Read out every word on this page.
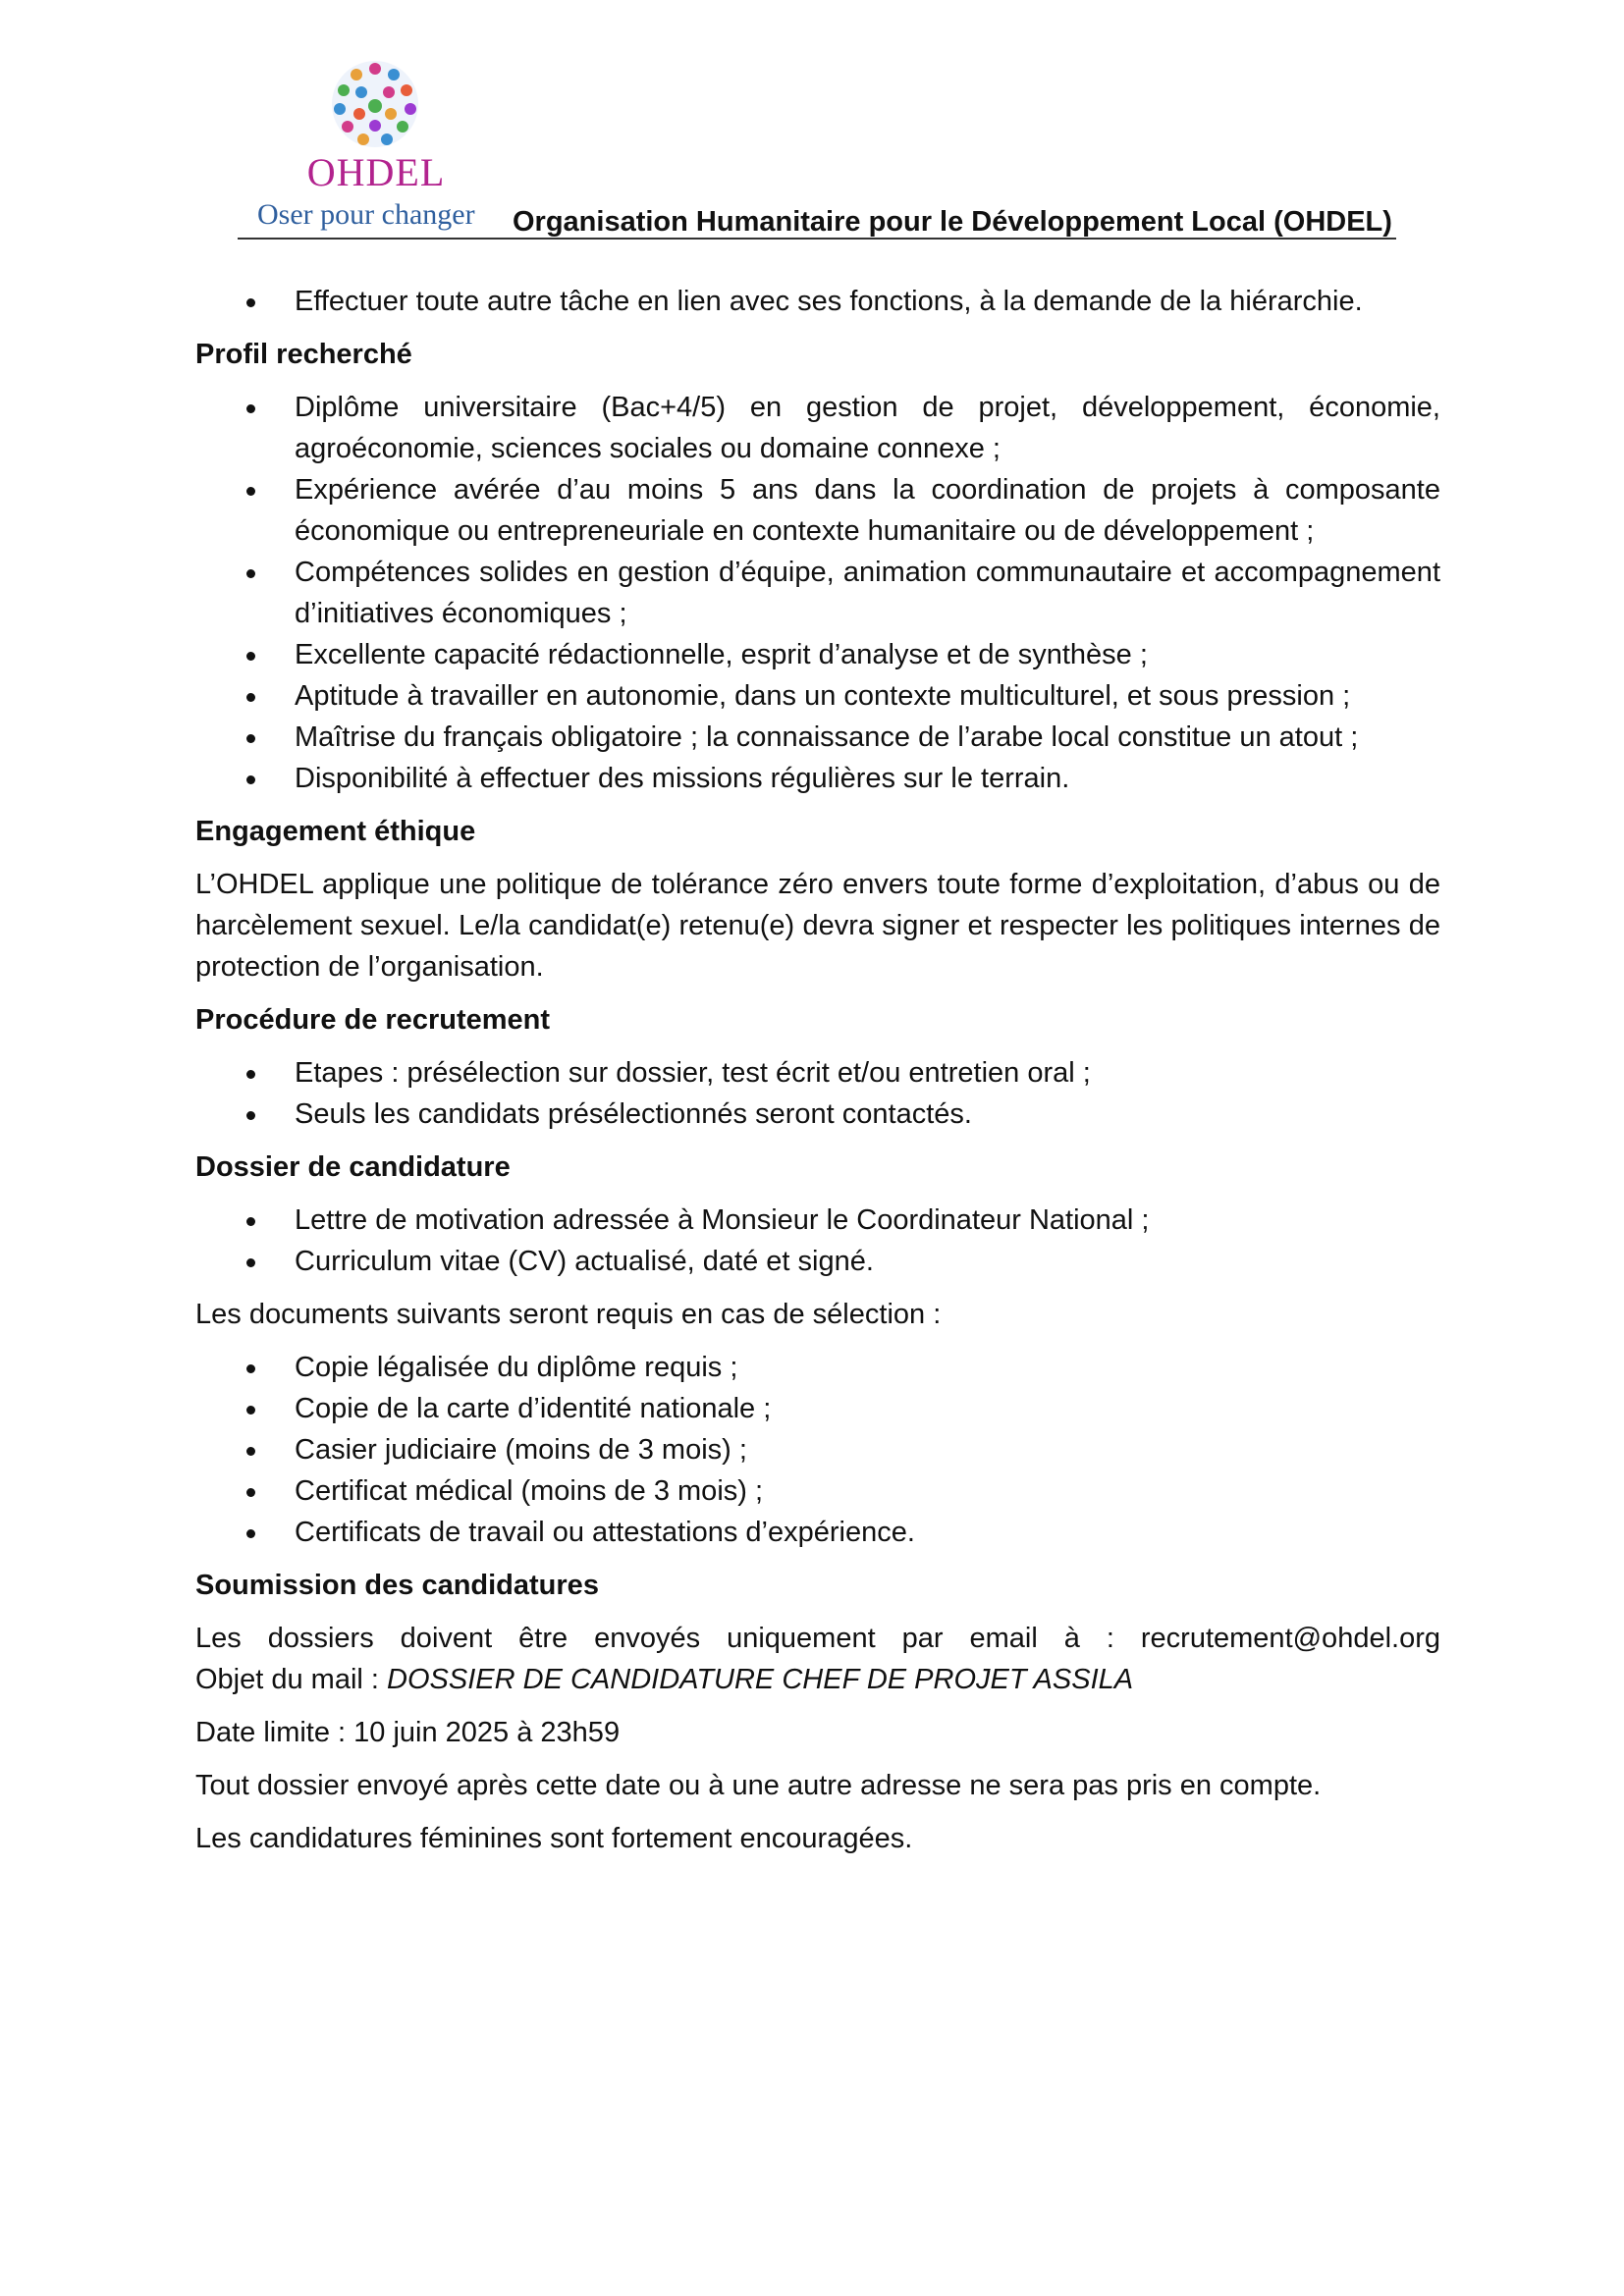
OHDEL
Oser pour changer Organisation Humanitaire pour le Développement Local (OHDEL)
Effectuer toute autre tâche en lien avec ses fonctions, à la demande de la hiérarchie.
Profil recherché
Diplôme universitaire (Bac+4/5) en gestion de projet, développement, économie, agroéconomie, sciences sociales ou domaine connexe ;
Expérience avérée d’au moins 5 ans dans la coordination de projets à composante économique ou entrepreneuriale en contexte humanitaire ou de développement ;
Compétences solides en gestion d’équipe, animation communautaire et accompagnement d’initiatives économiques ;
Excellente capacité rédactionnelle, esprit d’analyse et de synthèse ;
Aptitude à travailler en autonomie, dans un contexte multiculturel, et sous pression ;
Maîtrise du français obligatoire ; la connaissance de l’arabe local constitue un atout ;
Disponibilité à effectuer des missions régulières sur le terrain.
Engagement éthique

L’OHDEL applique une politique de tolérance zéro envers toute forme d’exploitation, d’abus ou de harcèlement sexuel. Le/la candidat(e) retenu(e) devra signer et respecter les politiques internes de protection de l’organisation.

Procédure de recrutement
Etapes : présélection sur dossier, test écrit et/ou entretien oral ;
Seuls les candidats présélectionnés seront contactés.
Dossier de candidature
Lettre de motivation adressée à Monsieur le Coordinateur National ;
Curriculum vitae (CV) actualisé, daté et signé.

Les documents suivants seront requis en cas de sélection :

Copie légalisée du diplôme requis ;
Copie de la carte d’identité nationale ;
Casier judiciaire (moins de 3 mois) ;
Certificat médical (moins de 3 mois) ;
Certificats de travail ou attestations d’expérience.
Soumission des candidatures

Les dossiers doivent être envoyés uniquement par email à : recrutement@ohdel.org
Objet du mail : DOSSIER DE CANDIDATURE CHEF DE PROJET ASSILA

Date limite : 10 juin 2025 à 23h59

Tout dossier envoyé après cette date ou à une autre adresse ne sera pas pris en compte.

Les candidatures féminines sont fortement encouragées.
